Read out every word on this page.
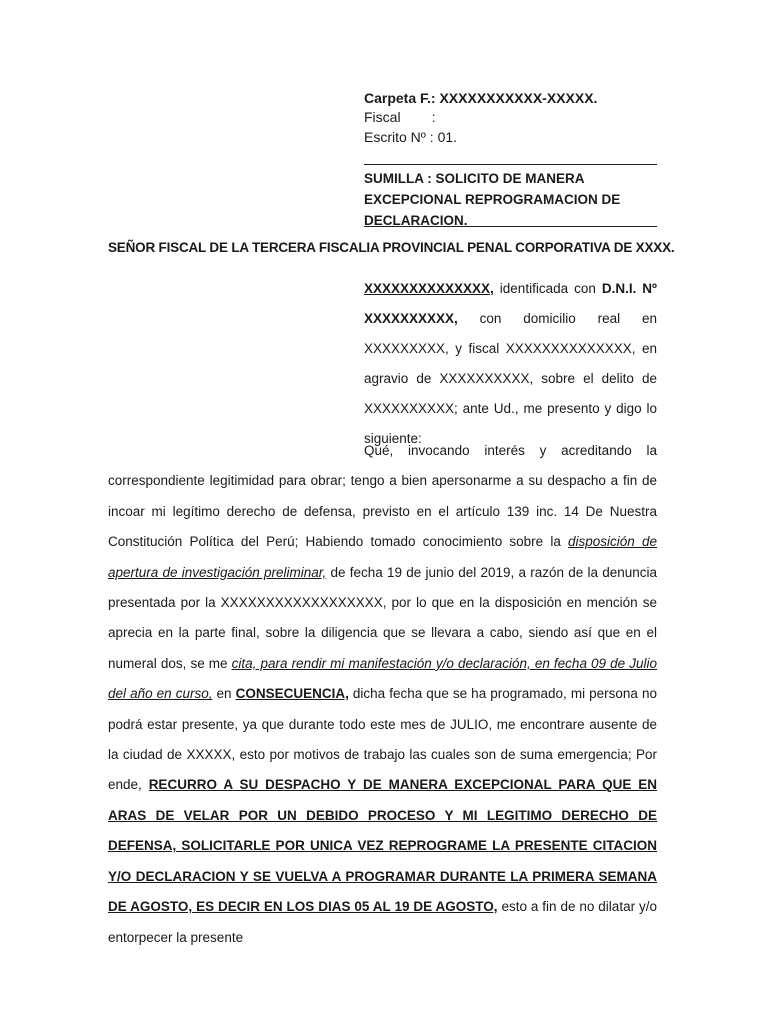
Carpeta F.: XXXXXXXXXXX-XXXXX.
Fiscal        :
Escrito Nº : 01.
SUMILLA : SOLICITO DE MANERA EXCEPCIONAL REPROGRAMACION DE DECLARACION.
SEÑOR FISCAL DE LA TERCERA FISCALIA PROVINCIAL PENAL CORPORATIVA DE XXXX.
XXXXXXXXXXXXXX, identificada con D.N.I. Nº XXXXXXXXXX, con domicilio real en XXXXXXXXX, y fiscal XXXXXXXXXXXXXX, en agravio de XXXXXXXXXX, sobre el delito de XXXXXXXXXX; ante Ud., me presento y digo lo siguiente:
Qué, invocando interés y acreditando la correspondiente legitimidad para obrar; tengo a bien apersonarme a su despacho a fin de incoar mi legítimo derecho de defensa, previsto en el artículo 139 inc. 14 De Nuestra Constitución Política del Perú; Habiendo tomado conocimiento sobre la disposición de apertura de investigación preliminar, de fecha 19 de junio del 2019, a razón de la denuncia presentada por la XXXXXXXXXXXXXXXXXX, por lo que en la disposición en mención se aprecia en la parte final, sobre la diligencia que se llevara a cabo, siendo así que en el numeral dos, se me cita, para rendir mi manifestación y/o declaración, en fecha 09 de Julio del año en curso, en CONSECUENCIA, dicha fecha que se ha programado, mi persona no podrá estar presente, ya que durante todo este mes de JULIO, me encontrare ausente de la ciudad de XXXXX, esto por motivos de trabajo las cuales son de suma emergencia; Por ende, RECURRO A SU DESPACHO Y DE MANERA EXCEPCIONAL PARA QUE EN ARAS DE VELAR POR UN DEBIDO PROCESO Y MI LEGITIMO DERECHO DE DEFENSA, SOLICITARLE POR UNICA VEZ REPROGRAME LA PRESENTE CITACION Y/O DECLARACION Y SE VUELVA A PROGRAMAR DURANTE LA PRIMERA SEMANA DE AGOSTO, ES DECIR EN LOS DIAS 05 AL 19 DE AGOSTO, esto a fin de no dilatar y/o entorpecer la presente
